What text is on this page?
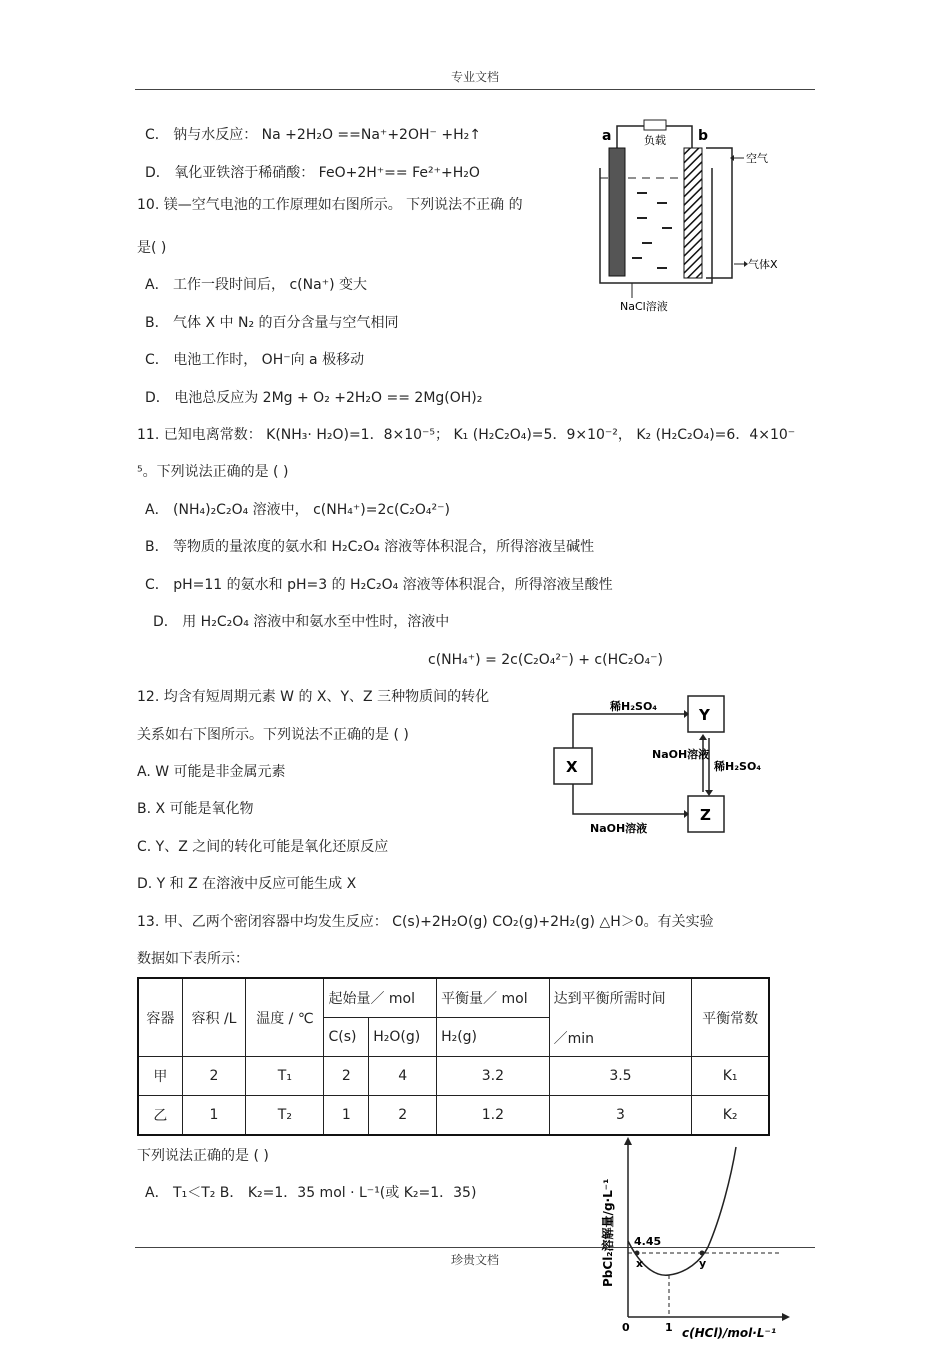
专业文档
珍贵文档
C． 钠与水反应： Na +2H₂O ==Na⁺+2OH⁻ +H₂↑
D． 氧化亚铁溶于稀硝酸： FeO+2H⁺== Fe²⁺+H₂O
10. 镁—空气电池的工作原理如右图所示。 下列说法不正确 的
是( )
A． 工作一段时间后， c(Na⁺) 变大
B． 气体 X 中 N₂ 的百分含量与空气相同
C． 电池工作时， OH⁻向 a 极移动
D． 电池总反应为 2Mg + O₂ +2H₂O == 2Mg(OH)₂
11. 已知电离常数： K(NH₃· H₂O)=1．8×10⁻⁵； K₁ (H₂C₂O₄)=5．9×10⁻²， K₂ (H₂C₂O₄)=6．4×10⁻
⁵。下列说法正确的是 ( )
A． (NH₄)₂C₂O₄ 溶液中， c(NH₄⁺)=2c(C₂O₄²⁻)
B． 等物质的量浓度的氨水和 H₂C₂O₄ 溶液等体积混合，所得溶液呈碱性
C． pH=11 的氨水和 pH=3 的 H₂C₂O₄ 溶液等体积混合，所得溶液呈酸性
D． 用 H₂C₂O₄ 溶液中和氨水至中性时，溶液中
c(NH₄⁺) = 2c(C₂O₄²⁻) + c(HC₂O₄⁻)
12. 均含有短周期元素 W 的 X、Y、Z 三种物质间的转化
关系如右下图所示。下列说法不正确的是 ( )
A. W 可能是非金属元素
B. X 可能是氧化物
C. Y、Z 之间的转化可能是氧化还原反应
D. Y 和 Z 在溶液中反应可能生成 X
13. 甲、乙两个密闭容器中均发生反应： C(s)+2H₂O(g) CO₂(g)+2H₂(g) △H＞0。有关实验
数据如下表所示：
下列说法正确的是 ( )
A． T₁＜T₂ B． K₂=1．35 mol · L⁻¹(或 K₂=1．35)
容器	容积 /L	温度 / ℃	起始量／ mol		平衡量／ mol	达到平衡所需时间
／min	平衡常数
			C(s)	H₂O(g)	H₂(g)		
甲	2	T₁	2	4	3.2	3.5	K₁
乙	1	T₂	1	2	1.2	3	K₂
负载
a	b
空气
气体X
NaCl溶液
X
Y
Z
稀H₂SO₄
NaOH溶液
NaOH溶液
稀H₂SO₄
PbCl₂溶解量/g·L⁻¹
c(HCl)/mol·L⁻¹
4.45
0	1
x	y
